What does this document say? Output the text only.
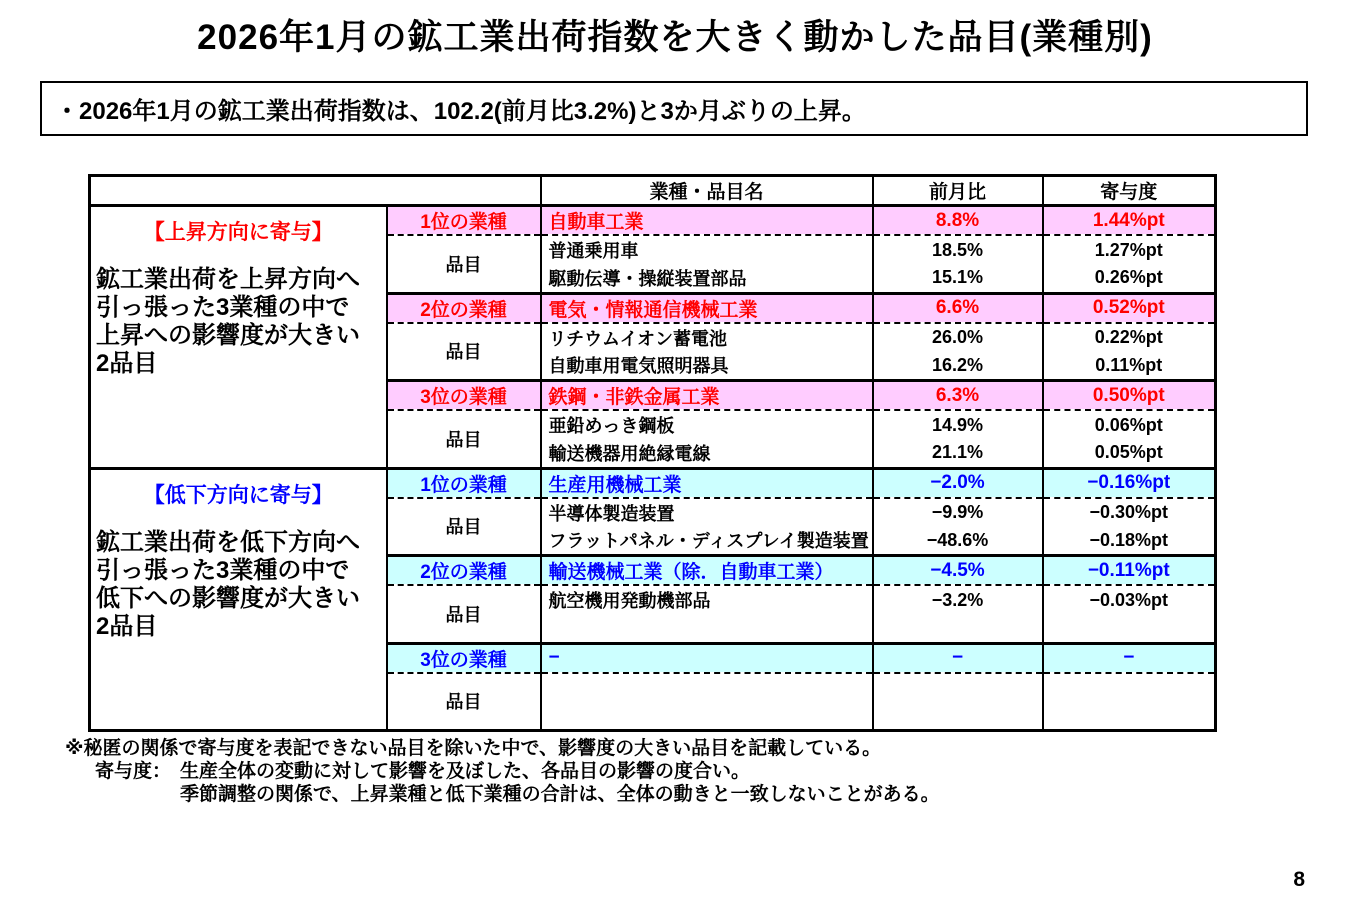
2026年1月の鉱工業出荷指数を大きく動かした品目(業種別)
・2026年1月の鉱工業出荷指数は、102.2(前月比3.2%)と3か月ぶりの上昇。
		業種・品目名	前月比	寄与度

【上昇方向に寄与】
鉱工業出荷を上昇方向へ
引っ張った3業種の中で
上昇への影響度が大きい
2品目	1位の業種	自動車工業	8.8%	1.44%pt
	品目	普通乗用車	18.5%	1.27%pt
		駆動伝導・操縦装置部品	15.1%	0.26%pt
	2位の業種	電気・情報通信機械工業	6.6%	0.52%pt
	品目	リチウムイオン蓄電池	26.0%	0.22%pt
		自動車用電気照明器具	16.2%	0.11%pt
	3位の業種	鉄鋼・非鉄金属工業	6.3%	0.50%pt
	品目	亜鉛めっき鋼板	14.9%	0.06%pt
		輸送機器用絶縁電線	21.1%	0.05%pt

【低下方向に寄与】
鉱工業出荷を低下方向へ
引っ張った3業種の中で
低下への影響度が大きい
2品目	1位の業種	生産用機械工業	−2.0%	−0.16%pt
	品目	半導体製造装置	−9.9%	−0.30%pt
		フラットパネル・ディスプレイ製造装置	−48.6%	−0.18%pt
	2位の業種	輸送機械工業（除．自動車工業）	−4.5%	−0.11%pt
	品目	航空機用発動機部品	−3.2%	−0.03%pt

	3位の業種	−	−	−
	品目			

※秘匿の関係で寄与度を表記できない品目を除いた中で、影響度の大きい品目を記載している。
寄与度： 生産全体の変動に対して影響を及ぼした、各品目の影響の度合い。
季節調整の関係で、上昇業種と低下業種の合計は、全体の動きと一致しないことがある。
8
